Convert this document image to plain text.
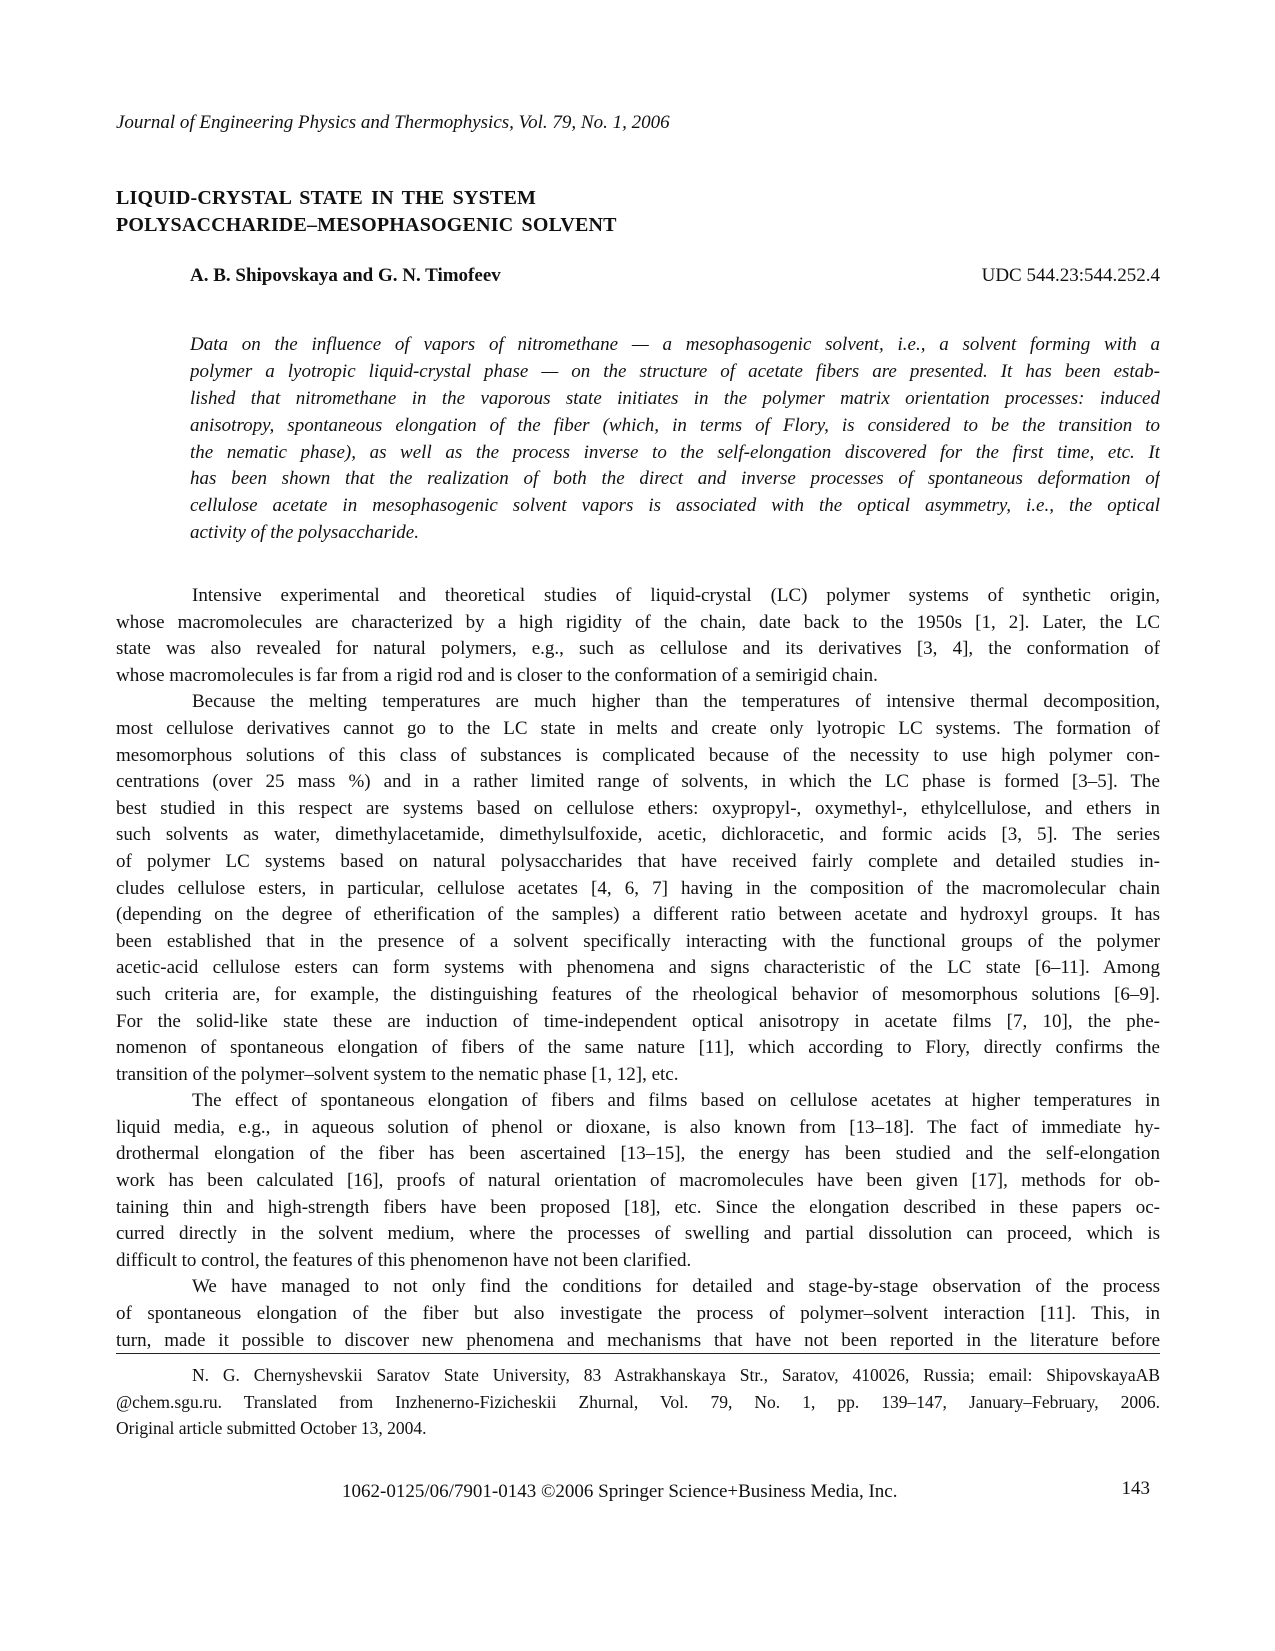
Journal of Engineering Physics and Thermophysics, Vol. 79, No. 1, 2006
LIQUID-CRYSTAL STATE IN THE SYSTEM
POLYSACCHARIDE–MESOPHASOGENIC SOLVENT
A. B. Shipovskaya and G. N. Timofeev	UDC 544.23:544.252.4
Data on the influence of vapors of nitromethane — a mesophasogenic solvent, i.e., a solvent forming with a
polymer a lyotropic liquid-crystal phase — on the structure of acetate fibers are presented. It has been estab-
lished that nitromethane in the vaporous state initiates in the polymer matrix orientation processes: induced
anisotropy, spontaneous elongation of the fiber (which, in terms of Flory, is considered to be the transition to
the nematic phase), as well as the process inverse to the self-elongation discovered for the first time, etc. It
has been shown that the realization of both the direct and inverse processes of spontaneous deformation of
cellulose acetate in mesophasogenic solvent vapors is associated with the optical asymmetry, i.e., the optical
activity of the polysaccharide.
Intensive experimental and theoretical studies of liquid-crystal (LC) polymer systems of synthetic origin,
whose macromolecules are characterized by a high rigidity of the chain, date back to the 1950s [1, 2]. Later, the LC
state was also revealed for natural polymers, e.g., such as cellulose and its derivatives [3, 4], the conformation of
whose macromolecules is far from a rigid rod and is closer to the conformation of a semirigid chain.
Because the melting temperatures are much higher than the temperatures of intensive thermal decomposition,
most cellulose derivatives cannot go to the LC state in melts and create only lyotropic LC systems. The formation of
mesomorphous solutions of this class of substances is complicated because of the necessity to use high polymer con-
centrations (over 25 mass %) and in a rather limited range of solvents, in which the LC phase is formed [3–5]. The
best studied in this respect are systems based on cellulose ethers: oxypropyl-, oxymethyl-, ethylcellulose, and ethers in
such solvents as water, dimethylacetamide, dimethylsulfoxide, acetic, dichloracetic, and formic acids [3, 5]. The series
of polymer LC systems based on natural polysaccharides that have received fairly complete and detailed studies in-
cludes cellulose esters, in particular, cellulose acetates [4, 6, 7] having in the composition of the macromolecular chain
(depending on the degree of etherification of the samples) a different ratio between acetate and hydroxyl groups. It has
been established that in the presence of a solvent specifically interacting with the functional groups of the polymer
acetic-acid cellulose esters can form systems with phenomena and signs characteristic of the LC state [6–11]. Among
such criteria are, for example, the distinguishing features of the rheological behavior of mesomorphous solutions [6–9].
For the solid-like state these are induction of time-independent optical anisotropy in acetate films [7, 10], the phe-
nomenon of spontaneous elongation of fibers of the same nature [11], which according to Flory, directly confirms the
transition of the polymer–solvent system to the nematic phase [1, 12], etc.
The effect of spontaneous elongation of fibers and films based on cellulose acetates at higher temperatures in
liquid media, e.g., in aqueous solution of phenol or dioxane, is also known from [13–18]. The fact of immediate hy-
drothermal elongation of the fiber has been ascertained [13–15], the energy has been studied and the self-elongation
work has been calculated [16], proofs of natural orientation of macromolecules have been given [17], methods for ob-
taining thin and high-strength fibers have been proposed [18], etc. Since the elongation described in these papers oc-
curred directly in the solvent medium, where the processes of swelling and partial dissolution can proceed, which is
difficult to control, the features of this phenomenon have not been clarified.
We have managed to not only find the conditions for detailed and stage-by-stage observation of the process
of spontaneous elongation of the fiber but also investigate the process of polymer–solvent interaction [11]. This, in
turn, made it possible to discover new phenomena and mechanisms that have not been reported in the literature before
N. G. Chernyshevskii Saratov State University, 83 Astrakhanskaya Str., Saratov, 410026, Russia; email: ShipovskayaAB
@chem.sgu.ru. Translated from Inzhenerno-Fizicheskii Zhurnal, Vol. 79, No. 1, pp. 139–147, January–February, 2006.
Original article submitted October 13, 2004.
1062-0125/06/7901-0143 ©2006 Springer Science+Business Media, Inc.	143
